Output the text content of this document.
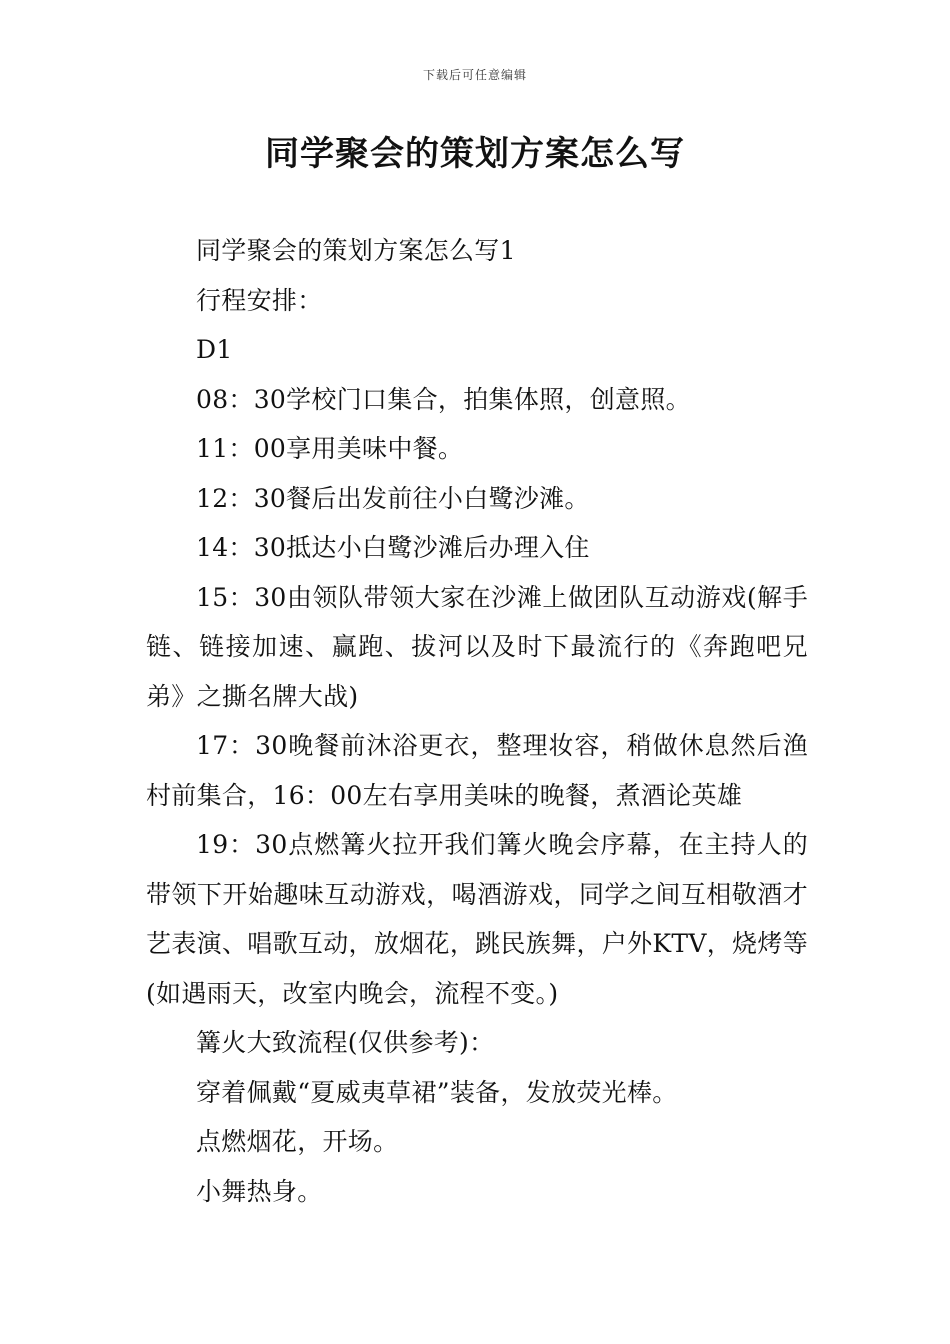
下载后可任意编辑
同学聚会的策划方案怎么写

同学聚会的策划方案怎么写1

行程安排：

D1

08：30学校门口集合，拍集体照，创意照。

11：00享用美味中餐。

12：30餐后出发前往小白鹭沙滩。

14：30抵达小白鹭沙滩后办理入住

15：30由领队带领大家在沙滩上做团队互动游戏(解手链、链接加速、赢跑、拔河以及时下最流行的《奔跑吧兄弟》之撕名牌大战)

17：30晚餐前沐浴更衣，整理妆容，稍做休息然后渔村前集合，16：00左右享用美味的晚餐，煮酒论英雄

19：30点燃篝火拉开我们篝火晚会序幕，在主持人的带领下开始趣味互动游戏，喝酒游戏，同学之间互相敬酒才艺表演、唱歌互动，放烟花，跳民族舞，户外KTV，烧烤等(如遇雨天，改室内晚会，流程不变。)

篝火大致流程(仅供参考)：

穿着佩戴“夏威夷草裙”装备，发放荧光棒。

点燃烟花，开场。

小舞热身。
